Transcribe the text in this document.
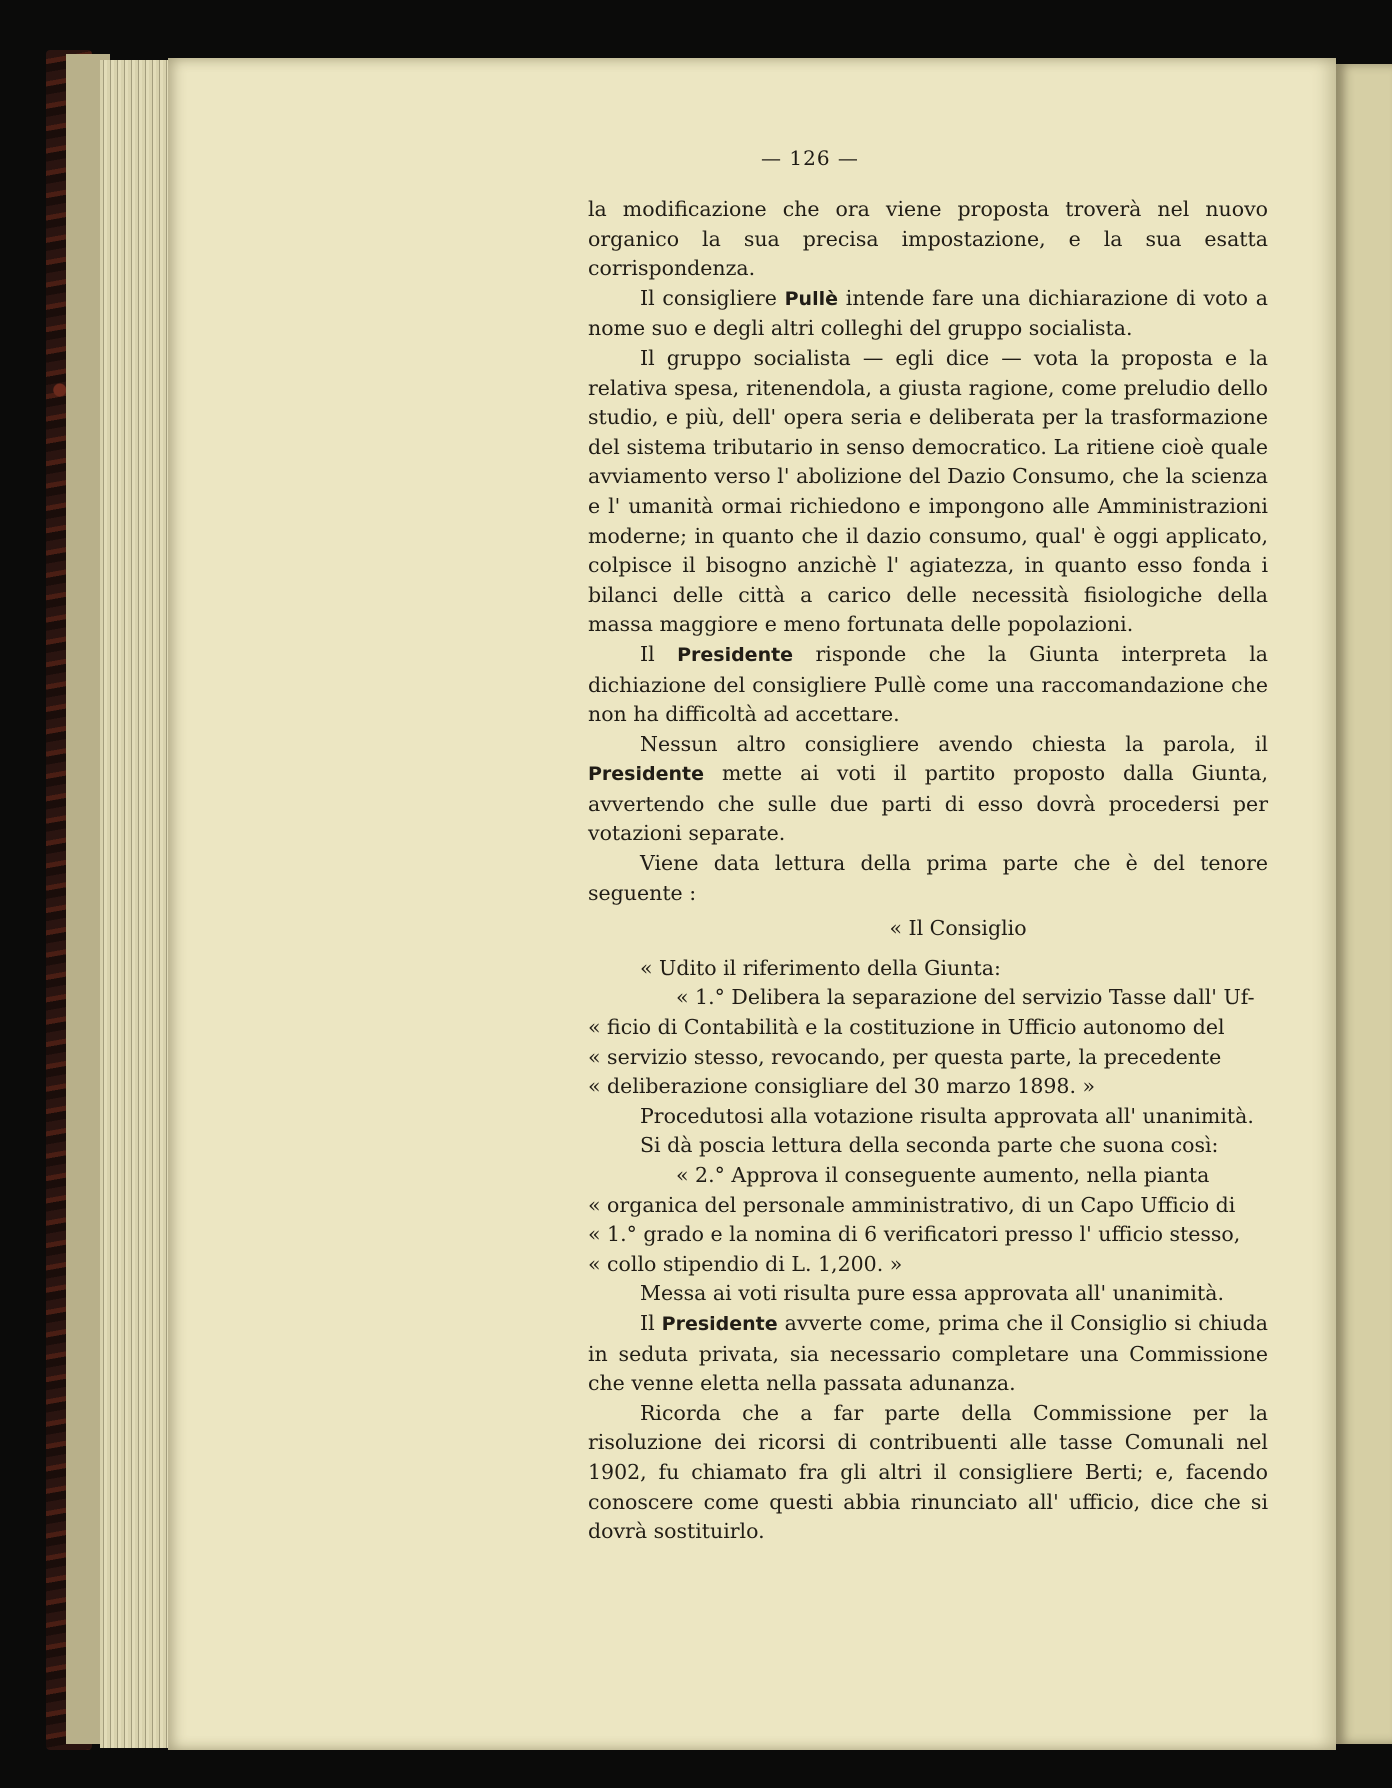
— 126 —

la modificazione che ora viene proposta troverà nel nuovo organico la sua precisa impostazione, e la sua esatta corrispondenza.

Il consigliere Pullè intende fare una dichiarazione di voto a nome suo e degli altri colleghi del gruppo socialista.

Il gruppo socialista — egli dice — vota la proposta e la relativa spesa, ritenendola, a giusta ragione, come preludio dello studio, e più, dell' opera seria e deliberata per la trasformazione del sistema tributario in senso democratico. La ritiene cioè quale avviamento verso l' abolizione del Dazio Consumo, che la scienza e l' umanità ormai richiedono e impongono alle Amministrazioni moderne; in quanto che il dazio consumo, qual' è oggi applicato, colpisce il bisogno anzichè l' agiatezza, in quanto esso fonda i bilanci delle città a carico delle necessità fisiologiche della massa maggiore e meno fortunata delle popolazioni.

Il Presidente risponde che la Giunta interpreta la dichiazione del consigliere Pullè come una raccomandazione che non ha difficoltà ad accettare.

Nessun altro consigliere avendo chiesta la parola, il Presidente mette ai voti il partito proposto dalla Giunta, avvertendo che sulle due parti di esso dovrà procedersi per votazioni separate.

Viene data lettura della prima parte che è del tenore seguente :

« Il Consiglio

« Udito il riferimento della Giunta:

« 1.° Delibera la separazione del servizio Tasse dall' Uf-

« ficio di Contabilità e la costituzione in Ufficio autonomo del

« servizio stesso, revocando, per questa parte, la precedente

« deliberazione consigliare del 30 marzo 1898. »

Procedutosi alla votazione risulta approvata all' unanimità.

Si dà poscia lettura della seconda parte che suona così:

« 2.° Approva il conseguente aumento, nella pianta

« organica del personale amministrativo, di un Capo Ufficio di

« 1.° grado e la nomina di 6 verificatori presso l' ufficio stesso,

« collo stipendio di L. 1,200. »

Messa ai voti risulta pure essa approvata all' unanimità.

Il Presidente avverte come, prima che il Consiglio si chiuda in seduta privata, sia necessario completare una Commissione che venne eletta nella passata adunanza.

Ricorda che a far parte della Commissione per la risoluzione dei ricorsi di contribuenti alle tasse Comunali nel 1902, fu chiamato fra gli altri il consigliere Berti; e, facendo conoscere come questi abbia rinunciato all' ufficio, dice che si dovrà sostituirlo.
